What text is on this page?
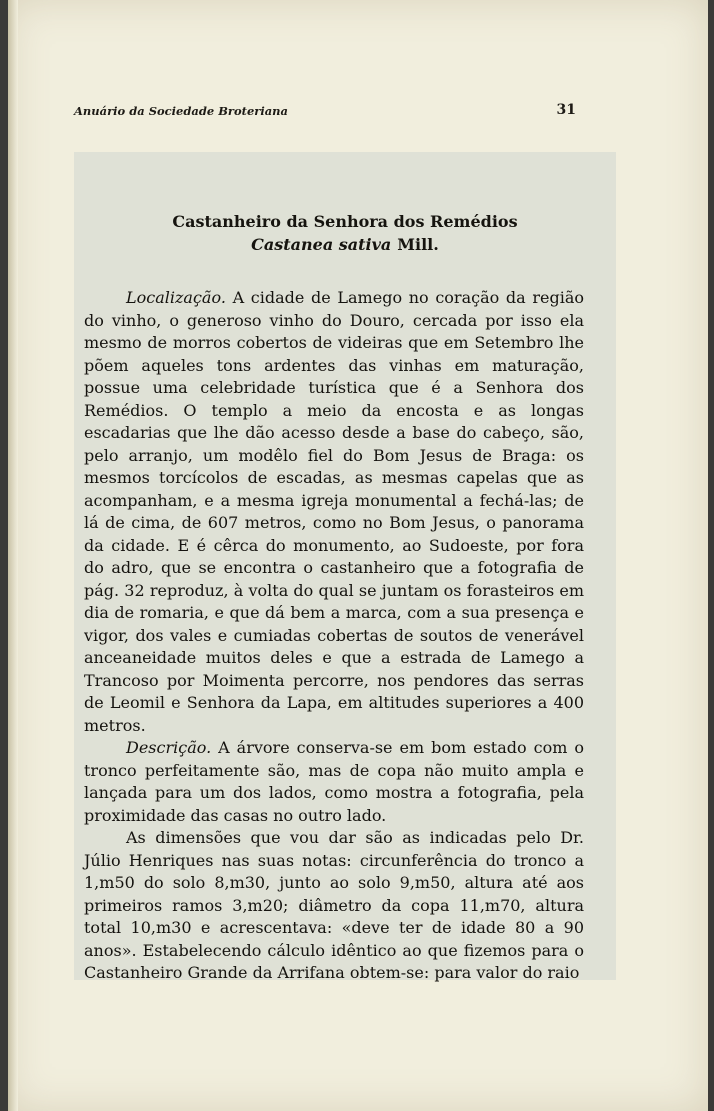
Anuário da Sociedade Broteriana	31
Castanheiro da Senhora dos Remédios
Castanea sativa Mill.

Localização. A cidade de Lamego no coração da região do vinho, o generoso vinho do Douro, cercada por isso ela mesmo de morros cobertos de videiras que em Setembro lhe põem aqueles tons ardentes das vinhas em maturação, possue uma celebridade turística que é a Senhora dos Remédios. O templo a meio da encosta e as longas escadarias que lhe dão acesso desde a base do cabeço, são, pelo arranjo, um modêlo fiel do Bom Jesus de Braga: os mesmos torcícolos de escadas, as mesmas capelas que as acompanham, e a mesma igreja monumental a fechá-las; de lá de cima, de 607 metros, como no Bom Jesus, o panorama da cidade. E é cêrca do monumento, ao Sudoeste, por fora do adro, que se encontra o castanheiro que a fotografia de pág. 32 reproduz, à volta do qual se juntam os forasteiros em dia de romaria, e que dá bem a marca, com a sua presença e vigor, dos vales e cumiadas cobertas de soutos de venerável anceaneidade muitos deles e que a estrada de Lamego a Trancoso por Moimenta percorre, nos pendores das serras de Leomil e Senhora da Lapa, em altitudes superiores a 400 metros.

Descrição. A árvore conserva-se em bom estado com o tronco perfeitamente são, mas de copa não muito ampla e lançada para um dos lados, como mostra a fotografia, pela proximidade das casas no outro lado.

As dimensões que vou dar são as indicadas pelo Dr. Júlio Henriques nas suas notas: circunferência do tronco a 1,m50 do solo 8,m30, junto ao solo 9,m50, altura até aos primeiros ramos 3,m20; diâmetro da copa 11,m70, altura total 10,m30 e acrescentava: «deve ter de idade 80 a 90 anos». Estabelecendo cálculo idêntico ao que fizemos para o Castanheiro Grande da Arrifana obtem-se: para valor do raio
